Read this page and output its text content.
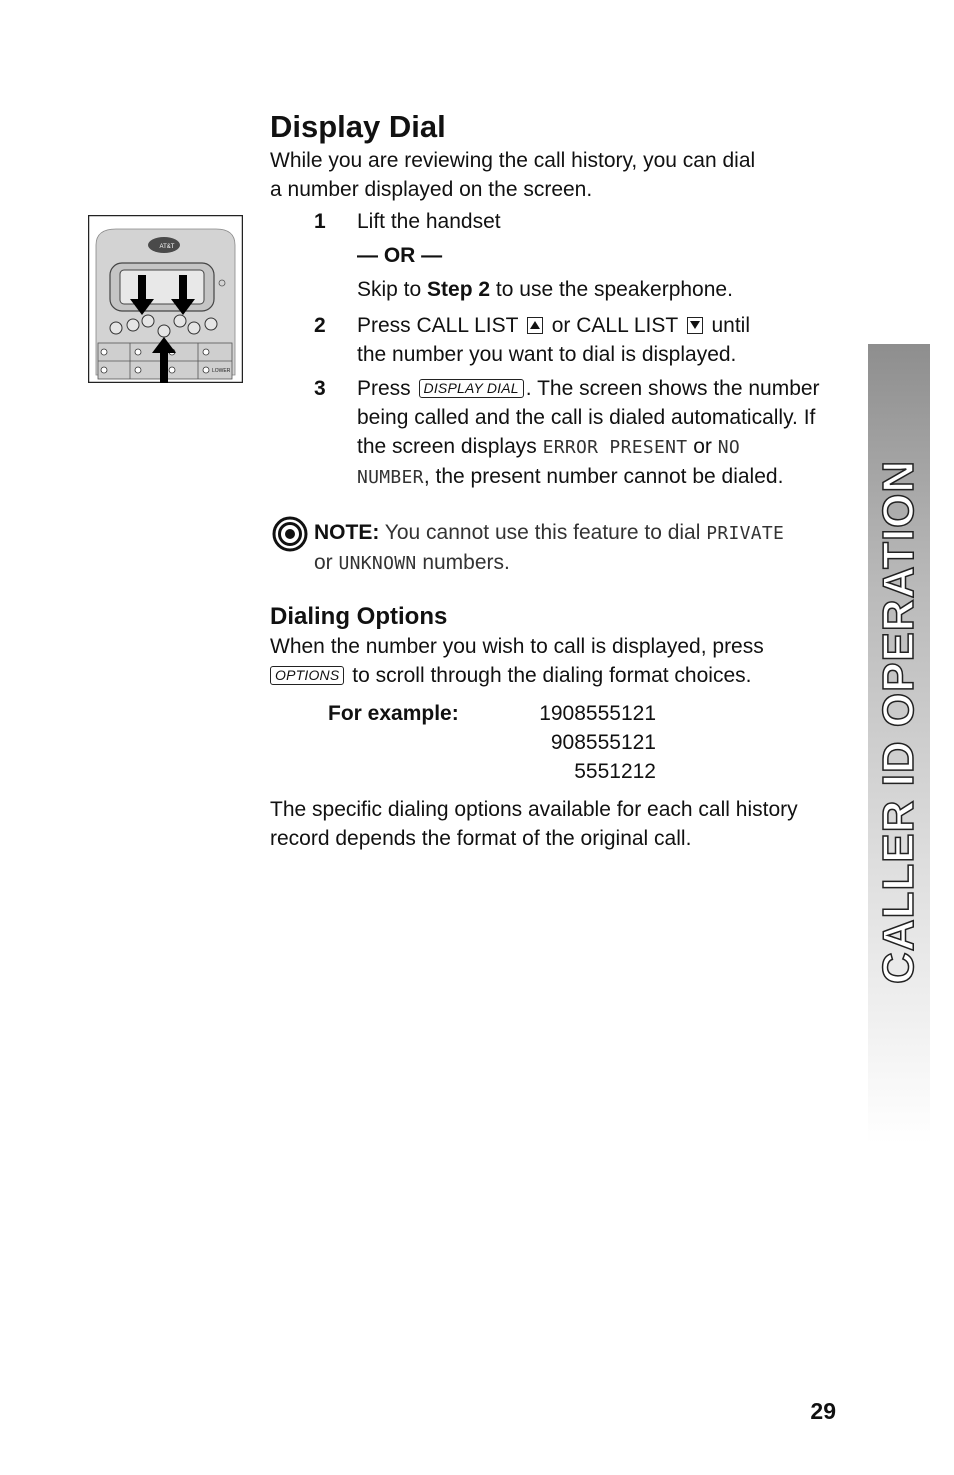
AT&T
LOWER
Display Dial
While you are reviewing the call history, you can dial
a number displayed on the screen.
1 Lift the handset
— OR —
Skip to Step 2 to use the speakerphone.
2 Press CALL LIST
or CALL LIST
until
the number you want to dial is displayed.
3 Press DISPLAY DIAL . The screen shows the number
being called and the call is dialed automatically. If
the screen displays ERROR PRESENT or NO
NUMBER, the present number cannot be dialed.
NOTE: You cannot use this feature to dial PRIVATE
or UNKNOWN numbers.
Dialing Options
When the number you wish to call is displayed, press
OPTIONS to scroll through the dialing format choices.
For example:	1908555121
908555121
5551212
The specific dialing options available for each call history
record depends the format of the original call.	CALLER ID OPERATION
29
